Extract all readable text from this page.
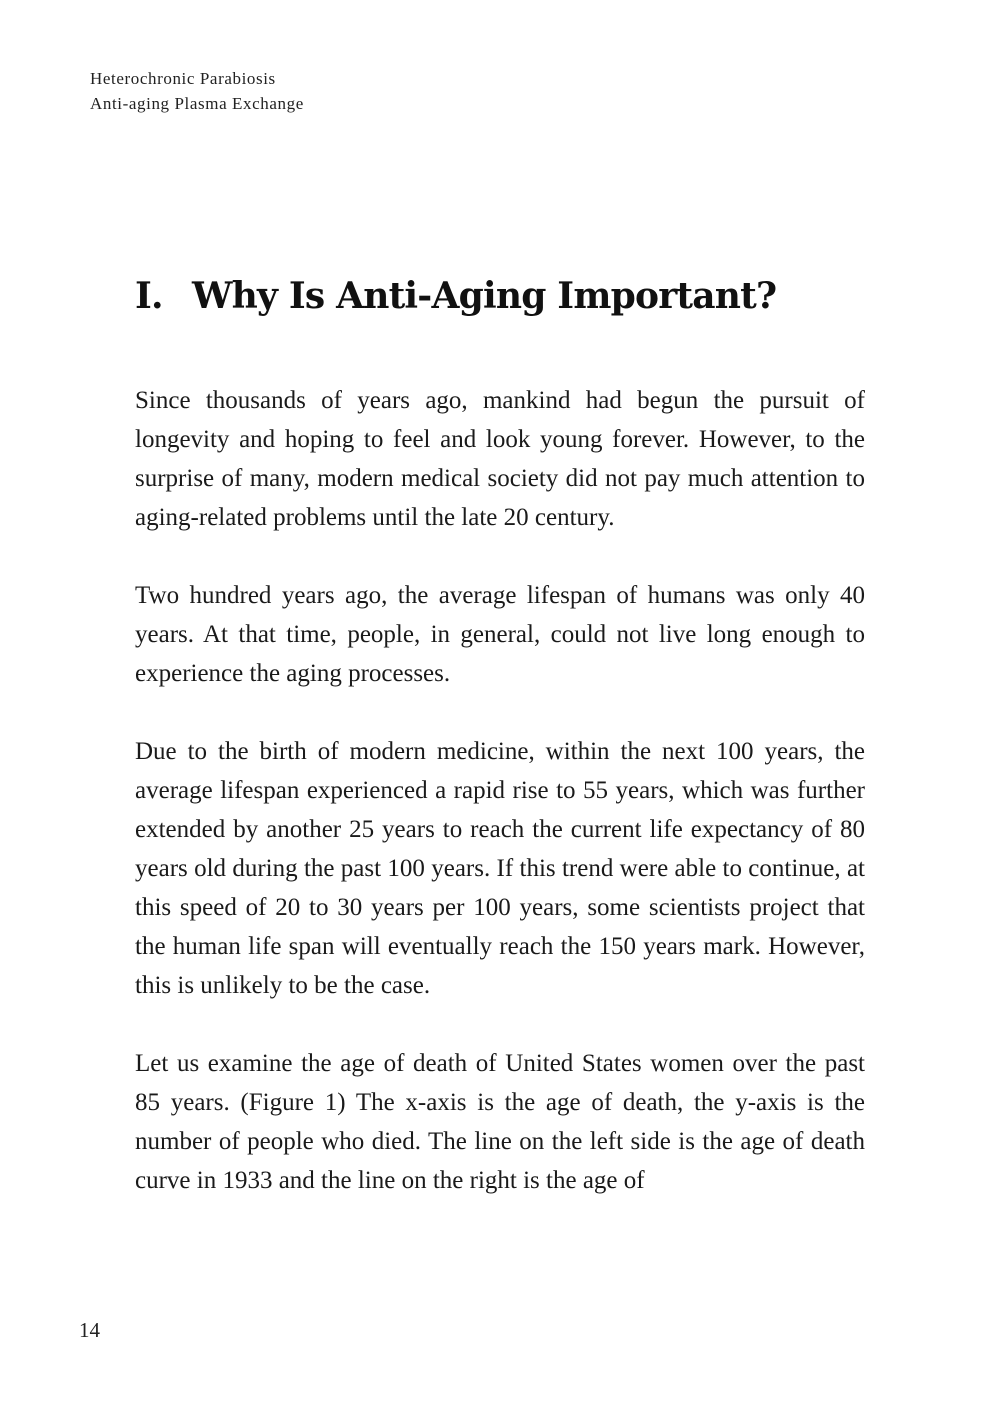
Heterochronic Parabiosis
Anti-aging Plasma Exchange
I. Why Is Anti-Aging Important?

Since thousands of years ago, mankind had begun the pursuit of longevity and hoping to feel and look young forever. However, to the surprise of many, modern medical society did not pay much attention to aging-related problems until the late 20 century.

Two hundred years ago, the average lifespan of humans was only 40 years. At that time, people, in general, could not live long enough to experience the aging processes.

Due to the birth of modern medicine, within the next 100 years, the average lifespan experienced a rapid rise to 55 years, which was further extended by another 25 years to reach the current life expectancy of 80 years old during the past 100 years. If this trend were able to continue, at this speed of 20 to 30 years per 100 years, some scientists project that the human life span will eventually reach the 150 years mark. However, this is unlikely to be the case.

Let us examine the age of death of United States women over the past 85 years. (Figure 1) The x-axis is the age of death, the y-axis is the number of people who died. The line on the left side is the age of death curve in 1933 and the line on the right is the age of

14
